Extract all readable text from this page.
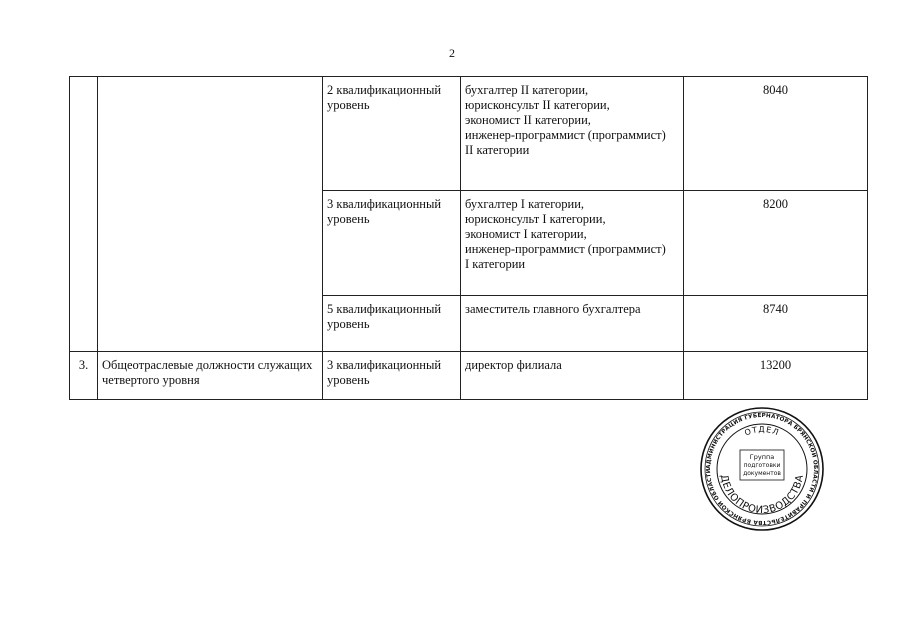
2
		2 квалификационный уровень	бухгалтер II категории,
юрисконсульт II категории,
экономист II категории,
инженер-программист (программист)
II категории	8040
		3 квалификационный уровень	бухгалтер I категории,
юрисконсульт I категории,
экономист I категории,
инженер-программист (программист)
I категории	8200
		5 квалификационный уровень	заместитель главного бухгалтера	8740
3.	Общеотраслевые должности служащих четвертого уровня	3 квалификационный уровень	директор филиала	13200
АДМИНИСТРАЦИЯ ГУБЕРНАТОРА БРЯНСКОЙ ОБЛАСТИ И ПРАВИТЕЛЬСТВА БРЯНСКОЙ ОБЛАСТИ
ОТДЕЛ
ДЕЛОПРОИЗВОДСТВА
Группа
подготовки
документов
